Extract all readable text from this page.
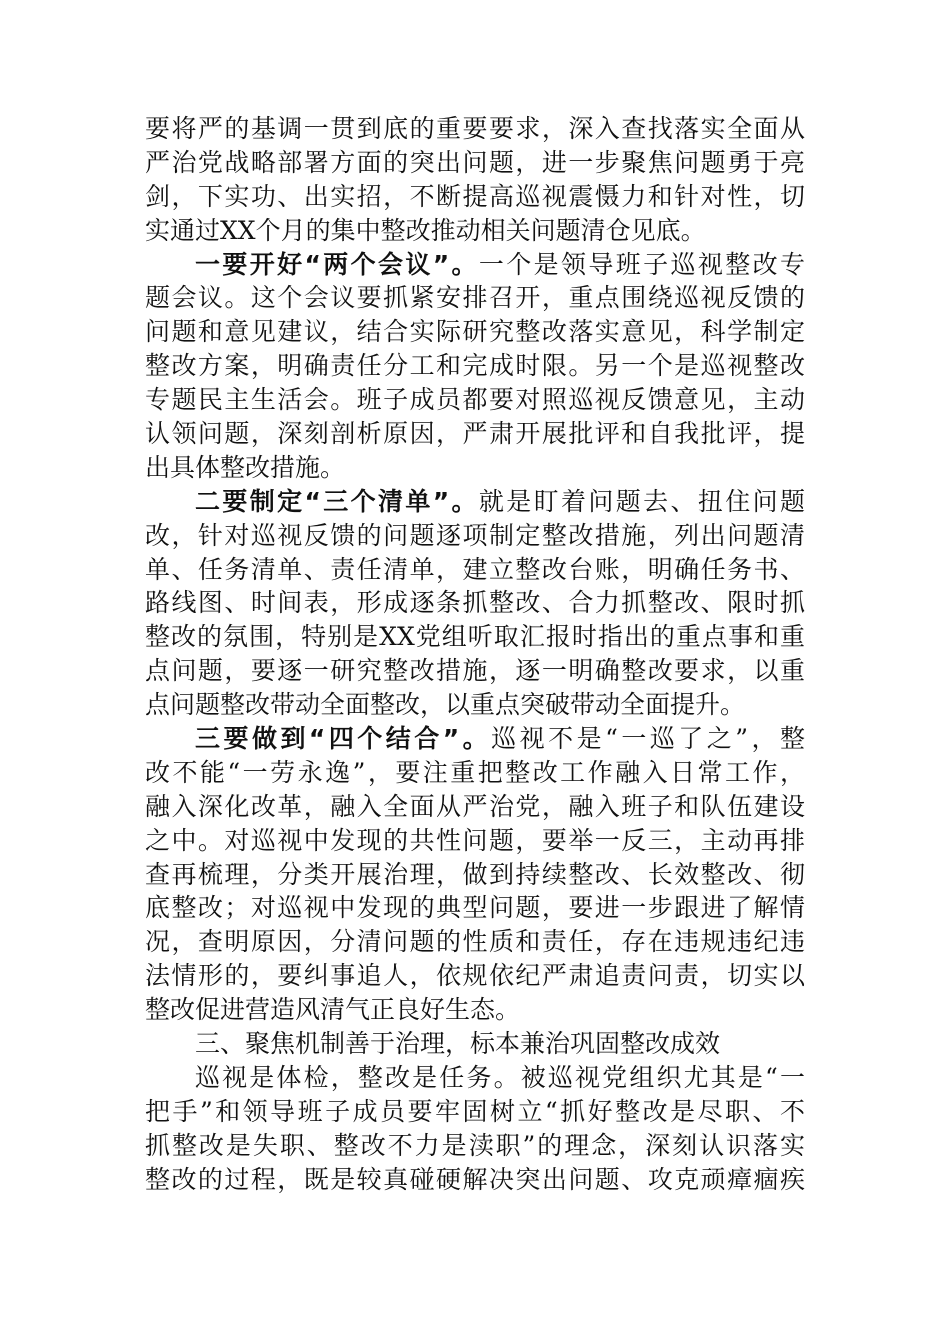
要将严的基调一贯到底的重要要求，深入查找落实全面从
严治党战略部署方面的突出问题，进一步聚焦问题勇于亮
剑，下实功、出实招，不断提高巡视震慑力和针对性，切
实通过XX个月的集中整改推动相关问题清仓见底。
一要开好“两个会议”。一个是领导班子巡视整改专
题会议。这个会议要抓紧安排召开，重点围绕巡视反馈的
问题和意见建议，结合实际研究整改落实意见，科学制定
整改方案，明确责任分工和完成时限。另一个是巡视整改
专题民主生活会。班子成员都要对照巡视反馈意见，主动
认领问题，深刻剖析原因，严肃开展批评和自我批评，提
出具体整改措施。
二要制定“三个清单”。就是盯着问题去、扭住问题
改，针对巡视反馈的问题逐项制定整改措施，列出问题清
单、任务清单、责任清单，建立整改台账，明确任务书、
路线图、时间表，形成逐条抓整改、合力抓整改、限时抓
整改的氛围，特别是XX党组听取汇报时指出的重点事和重
点问题，要逐一研究整改措施，逐一明确整改要求，以重
点问题整改带动全面整改，以重点突破带动全面提升。
三要做到“四个结合”。巡视不是“一巡了之”，整
改不能“一劳永逸”，要注重把整改工作融入日常工作，
融入深化改革，融入全面从严治党，融入班子和队伍建设
之中。对巡视中发现的共性问题，要举一反三，主动再排
查再梳理，分类开展治理，做到持续整改、长效整改、彻
底整改；对巡视中发现的典型问题，要进一步跟进了解情
况，查明原因，分清问题的性质和责任，存在违规违纪违
法情形的，要纠事追人，依规依纪严肃追责问责，切实以
整改促进营造风清气正良好生态。
三、聚焦机制善于治理，标本兼治巩固整改成效
巡视是体检，整改是任务。被巡视党组织尤其是“一
把手”和领导班子成员要牢固树立“抓好整改是尽职、不
抓整改是失职、整改不力是渎职”的理念，深刻认识落实
整改的过程，既是较真碰硬解决突出问题、攻克顽瘴痼疾
